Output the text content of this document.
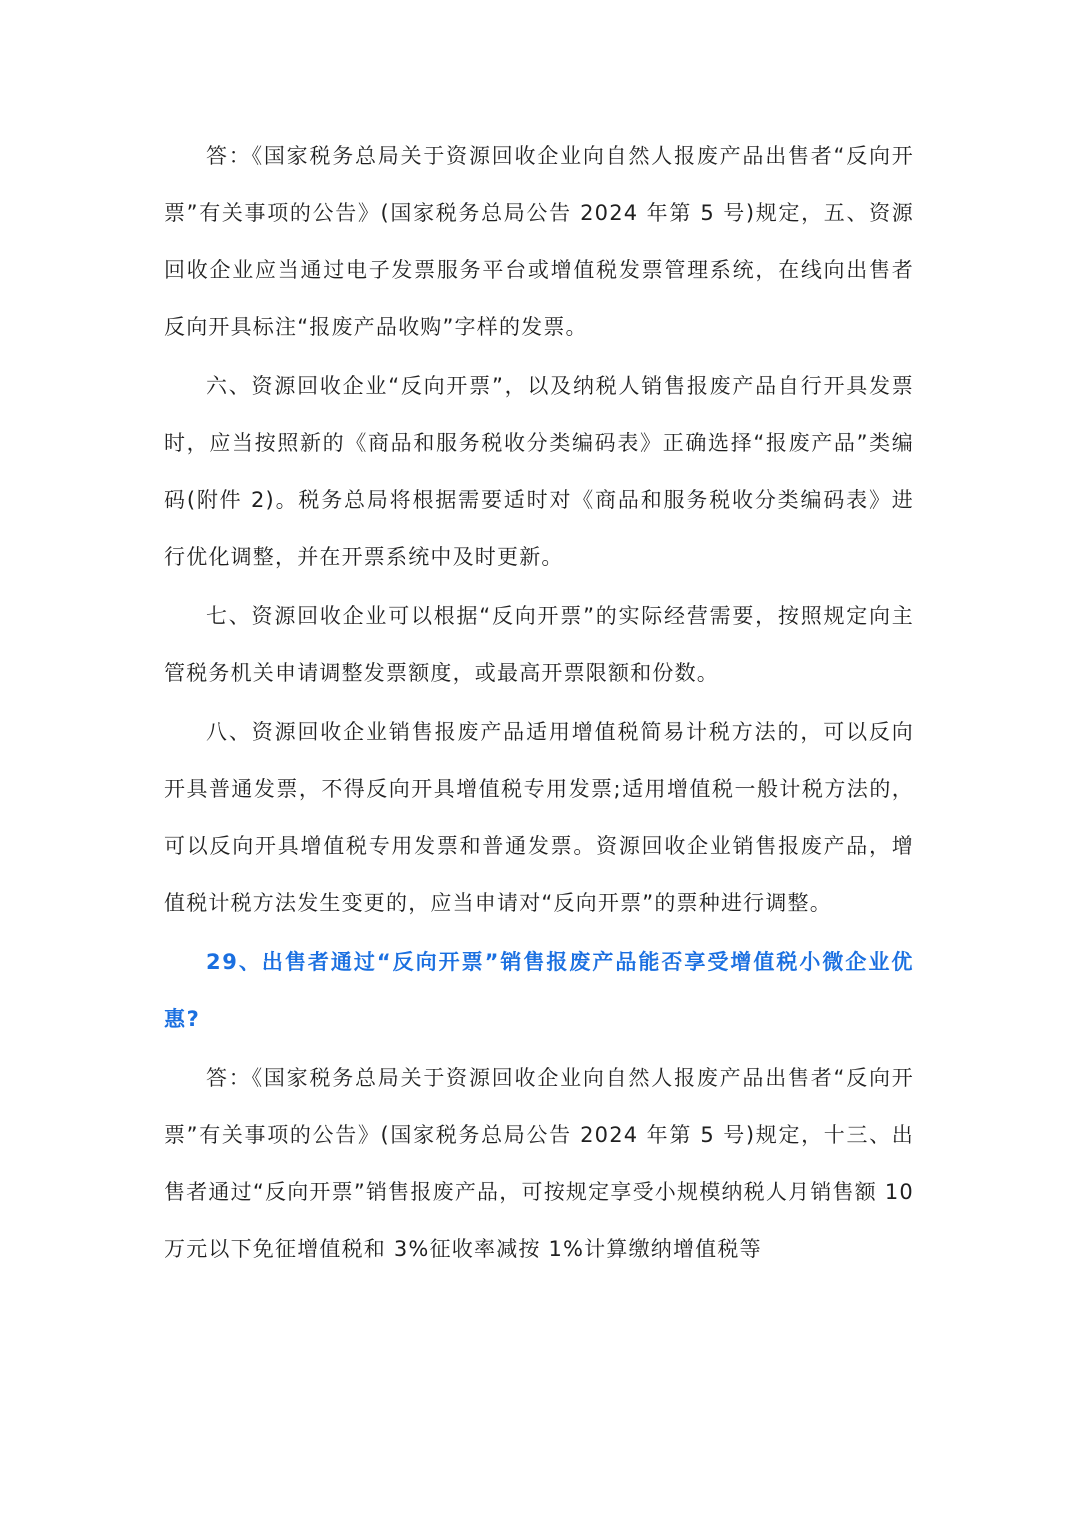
答：《国家税务总局关于资源回收企业向自然人报废产品出售者“反向开票”有关事项的公告》(国家税务总局公告 2024 年第 5 号)规定，五、资源回收企业应当通过电子发票服务平台或增值税发票管理系统，在线向出售者反向开具标注“报废产品收购”字样的发票。

六、资源回收企业“反向开票”，以及纳税人销售报废产品自行开具发票时，应当按照新的《商品和服务税收分类编码表》正确选择“报废产品”类编码(附件 2)。税务总局将根据需要适时对《商品和服务税收分类编码表》进行优化调整，并在开票系统中及时更新。

七、资源回收企业可以根据“反向开票”的实际经营需要，按照规定向主管税务机关申请调整发票额度，或最高开票限额和份数。

八、资源回收企业销售报废产品适用增值税简易计税方法的，可以反向开具普通发票，不得反向开具增值税专用发票;适用增值税一般计税方法的，可以反向开具增值税专用发票和普通发票。资源回收企业销售报废产品，增值税计税方法发生变更的，应当申请对“反向开票”的票种进行调整。

29、出售者通过“反向开票”销售报废产品能否享受增值税小微企业优惠?

答：《国家税务总局关于资源回收企业向自然人报废产品出售者“反向开票”有关事项的公告》(国家税务总局公告 2024 年第 5 号)规定，十三、出售者通过“反向开票”销售报废产品，可按规定享受小规模纳税人月销售额 10 万元以下免征增值税和 3%征收率减按 1%计算缴纳增值税等
